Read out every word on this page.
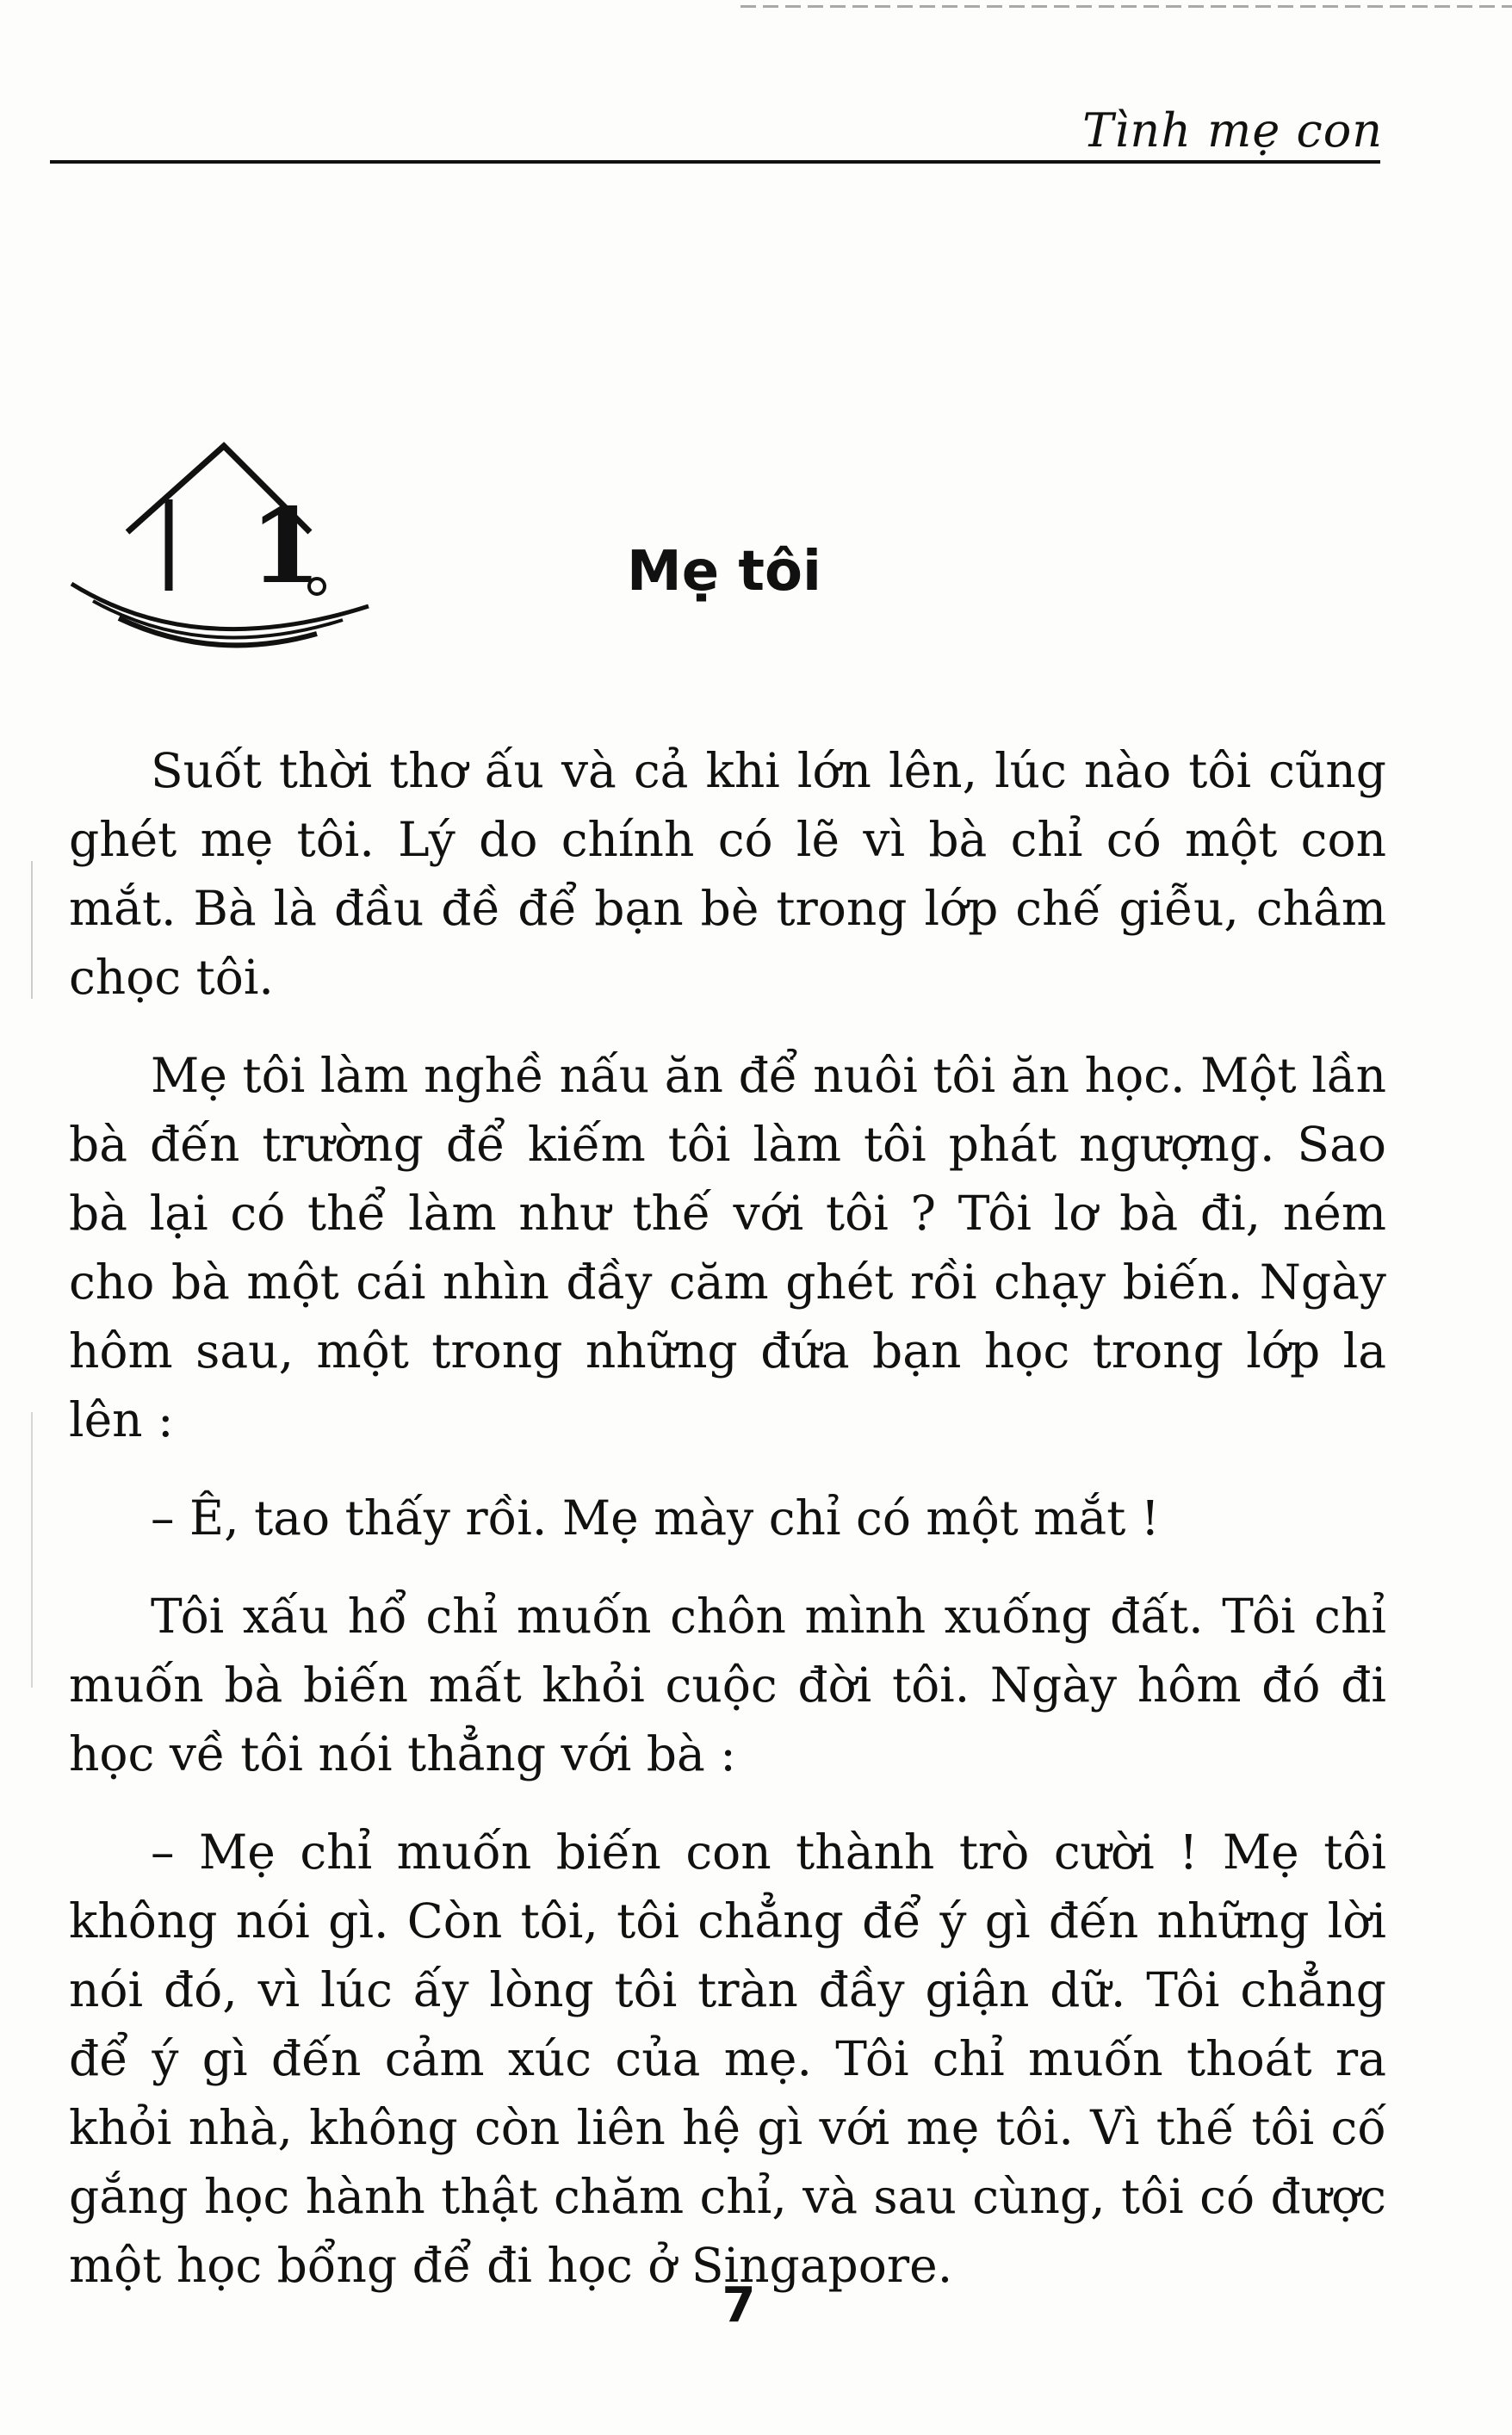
Tình mẹ con
1	Mẹ tôi

Suốt thời thơ ấu và cả khi lớn lên, lúc nào tôi cũng ghét mẹ tôi. Lý do chính có lẽ vì bà chỉ có một con mắt. Bà là đầu đề để bạn bè trong lớp chế giễu, châm chọc tôi.

Mẹ tôi làm nghề nấu ăn để nuôi tôi ăn học. Một lần bà đến trường để kiếm tôi làm tôi phát ngượng. Sao bà lại có thể làm như thế với tôi ? Tôi lơ bà đi, ném cho bà một cái nhìn đầy căm ghét rồi chạy biến. Ngày hôm sau, một trong những đứa bạn học trong lớp la lên :

– Ê, tao thấy rồi. Mẹ mày chỉ có một mắt !

Tôi xấu hổ chỉ muốn chôn mình xuống đất. Tôi chỉ muốn bà biến mất khỏi cuộc đời tôi. Ngày hôm đó đi học về tôi nói thẳng với bà :

– Mẹ chỉ muốn biến con thành trò cười ! Mẹ tôi không nói gì. Còn tôi, tôi chẳng để ý gì đến những lời nói đó, vì lúc ấy lòng tôi tràn đầy giận dữ. Tôi chẳng để ý gì đến cảm xúc của mẹ. Tôi chỉ muốn thoát ra khỏi nhà, không còn liên hệ gì với mẹ tôi. Vì thế tôi cố gắng học hành thật chăm chỉ, và sau cùng, tôi có được một học bổng để đi học ở Singapore.

7
